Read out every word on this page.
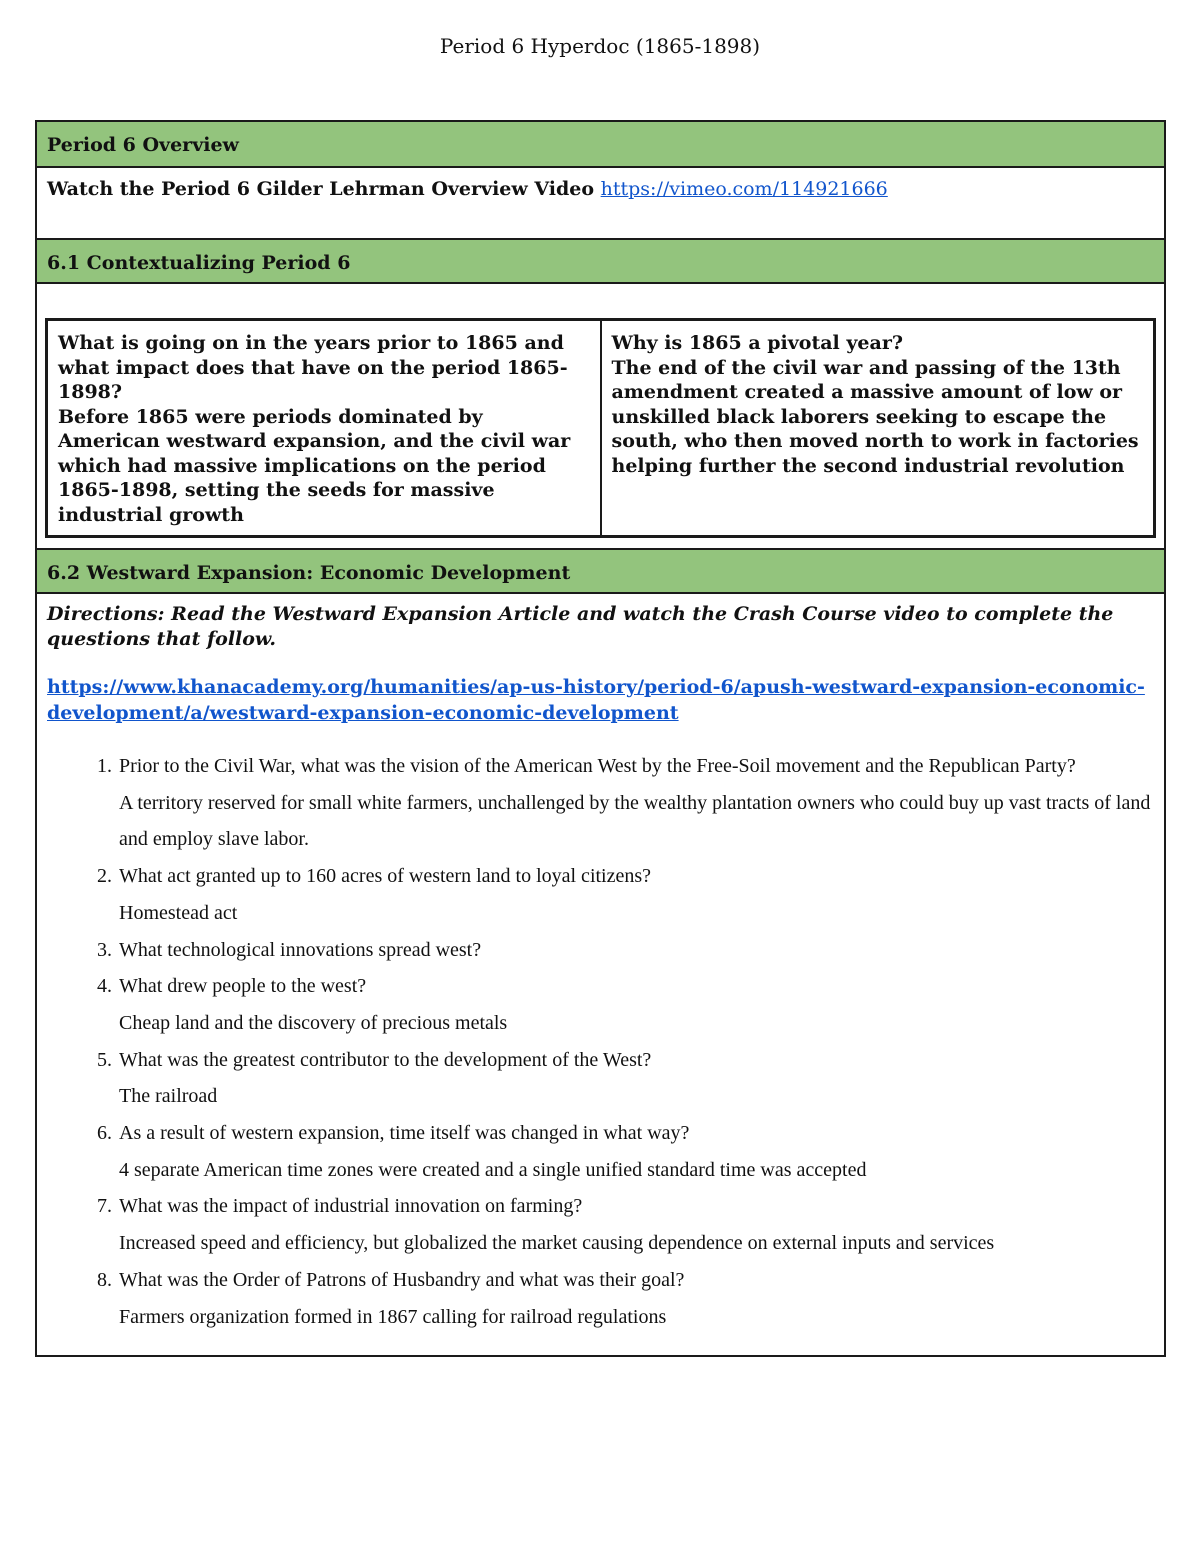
Period 6 Hyperdoc (1865-1898)
Period 6 Overview
Watch the Period 6 Gilder Lehrman Overview Video https://vimeo.com/114921666
6.1 Contextualizing Period 6

What is going on in the years prior to 1865 and what impact does that have on the period 1865-1898?

Before 1865 were periods dominated by American westward expansion, and the civil war which had massive implications on the period 1865-1898, setting the seeds for massive industrial growth

Why is 1865 a pivotal year?

The end of the civil war and passing of the 13th amendment created a massive amount of low or unskilled black laborers seeking to escape the south, who then moved north to work in factories helping further the second industrial revolution

6.2 Westward Expansion: Economic Development

Directions: Read the Westward Expansion Article and watch the Crash Course video to complete the questions that follow.

https://www.khanacademy.org/humanities/ap-us-history/period-6/apush-westward-expansion-economic-development/a/westward-expansion-economic-development
1. Prior to the Civil War, what was the vision of the American West by the Free-Soil movement and the Republican Party?
A territory reserved for small white farmers, unchallenged by the wealthy plantation owners who could buy up vast tracts of land and employ slave labor.
2. What act granted up to 160 acres of western land to loyal citizens?
Homestead act
3. What technological innovations spread west?
4. What drew people to the west?
Cheap land and the discovery of precious metals
5. What was the greatest contributor to the development of the West?
The railroad
6. As a result of western expansion, time itself was changed in what way?
4 separate American time zones were created and a single unified standard time was accepted
7. What was the impact of industrial innovation on farming?
Increased speed and efficiency, but globalized the market causing dependence on external inputs and services
8. What was the Order of Patrons of Husbandry and what was their goal?
Farmers organization formed in 1867 calling for railroad regulations
